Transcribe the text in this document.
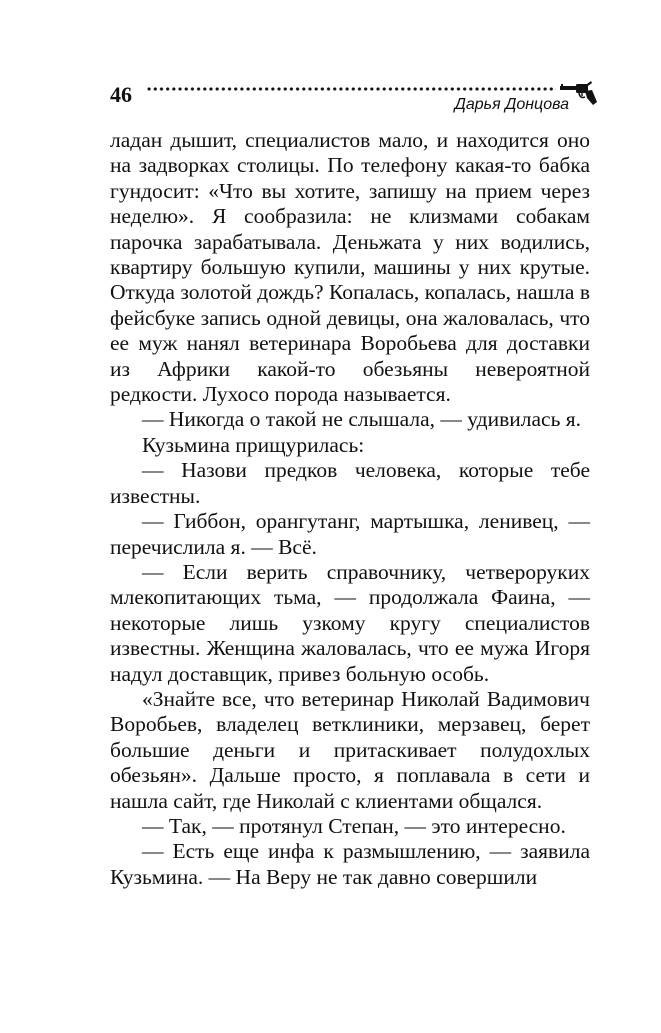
46	Дарья Донцова

ладан дышит, специалистов мало, и находится оно на задворках столицы. По телефону какая-то бабка гундосит: «Что вы хотите, запишу на прием через неделю». Я сообразила: не клизмами собакам парочка зарабатывала. Деньжата у них водились, квартиру большую купили, машины у них крутые. Откуда золотой дождь? Копалась, копалась, нашла в фейсбуке запись одной девицы, она жаловалась, что ее муж нанял ветеринара Воробьева для доставки из Африки какой-то обезьяны невероятной редкости. Лухосо порода называется.

— Никогда о такой не слышала, — удивилась я.

Кузьмина прищурилась:

— Назови предков человека, которые тебе известны.

— Гиббон, орангутанг, мартышка, ленивец, — перечислила я. — Всё.

— Если верить справочнику, четвероруких млекопитающих тьма, — продолжала Фаина, — некоторые лишь узкому кругу специалистов известны. Женщина жаловалась, что ее мужа Игоря надул доставщик, привез больную особь.

«Знайте все, что ветеринар Николай Вадимович Воробьев, владелец ветклиники, мерзавец, берет большие деньги и притаскивает полудохлых обезьян». Дальше просто, я поплавала в сети и нашла сайт, где Николай с клиентами общался.

— Так, — протянул Степан, — это интересно.

— Есть еще инфа к размышлению, — заявила Кузьмина. — На Веру не так давно совершили
